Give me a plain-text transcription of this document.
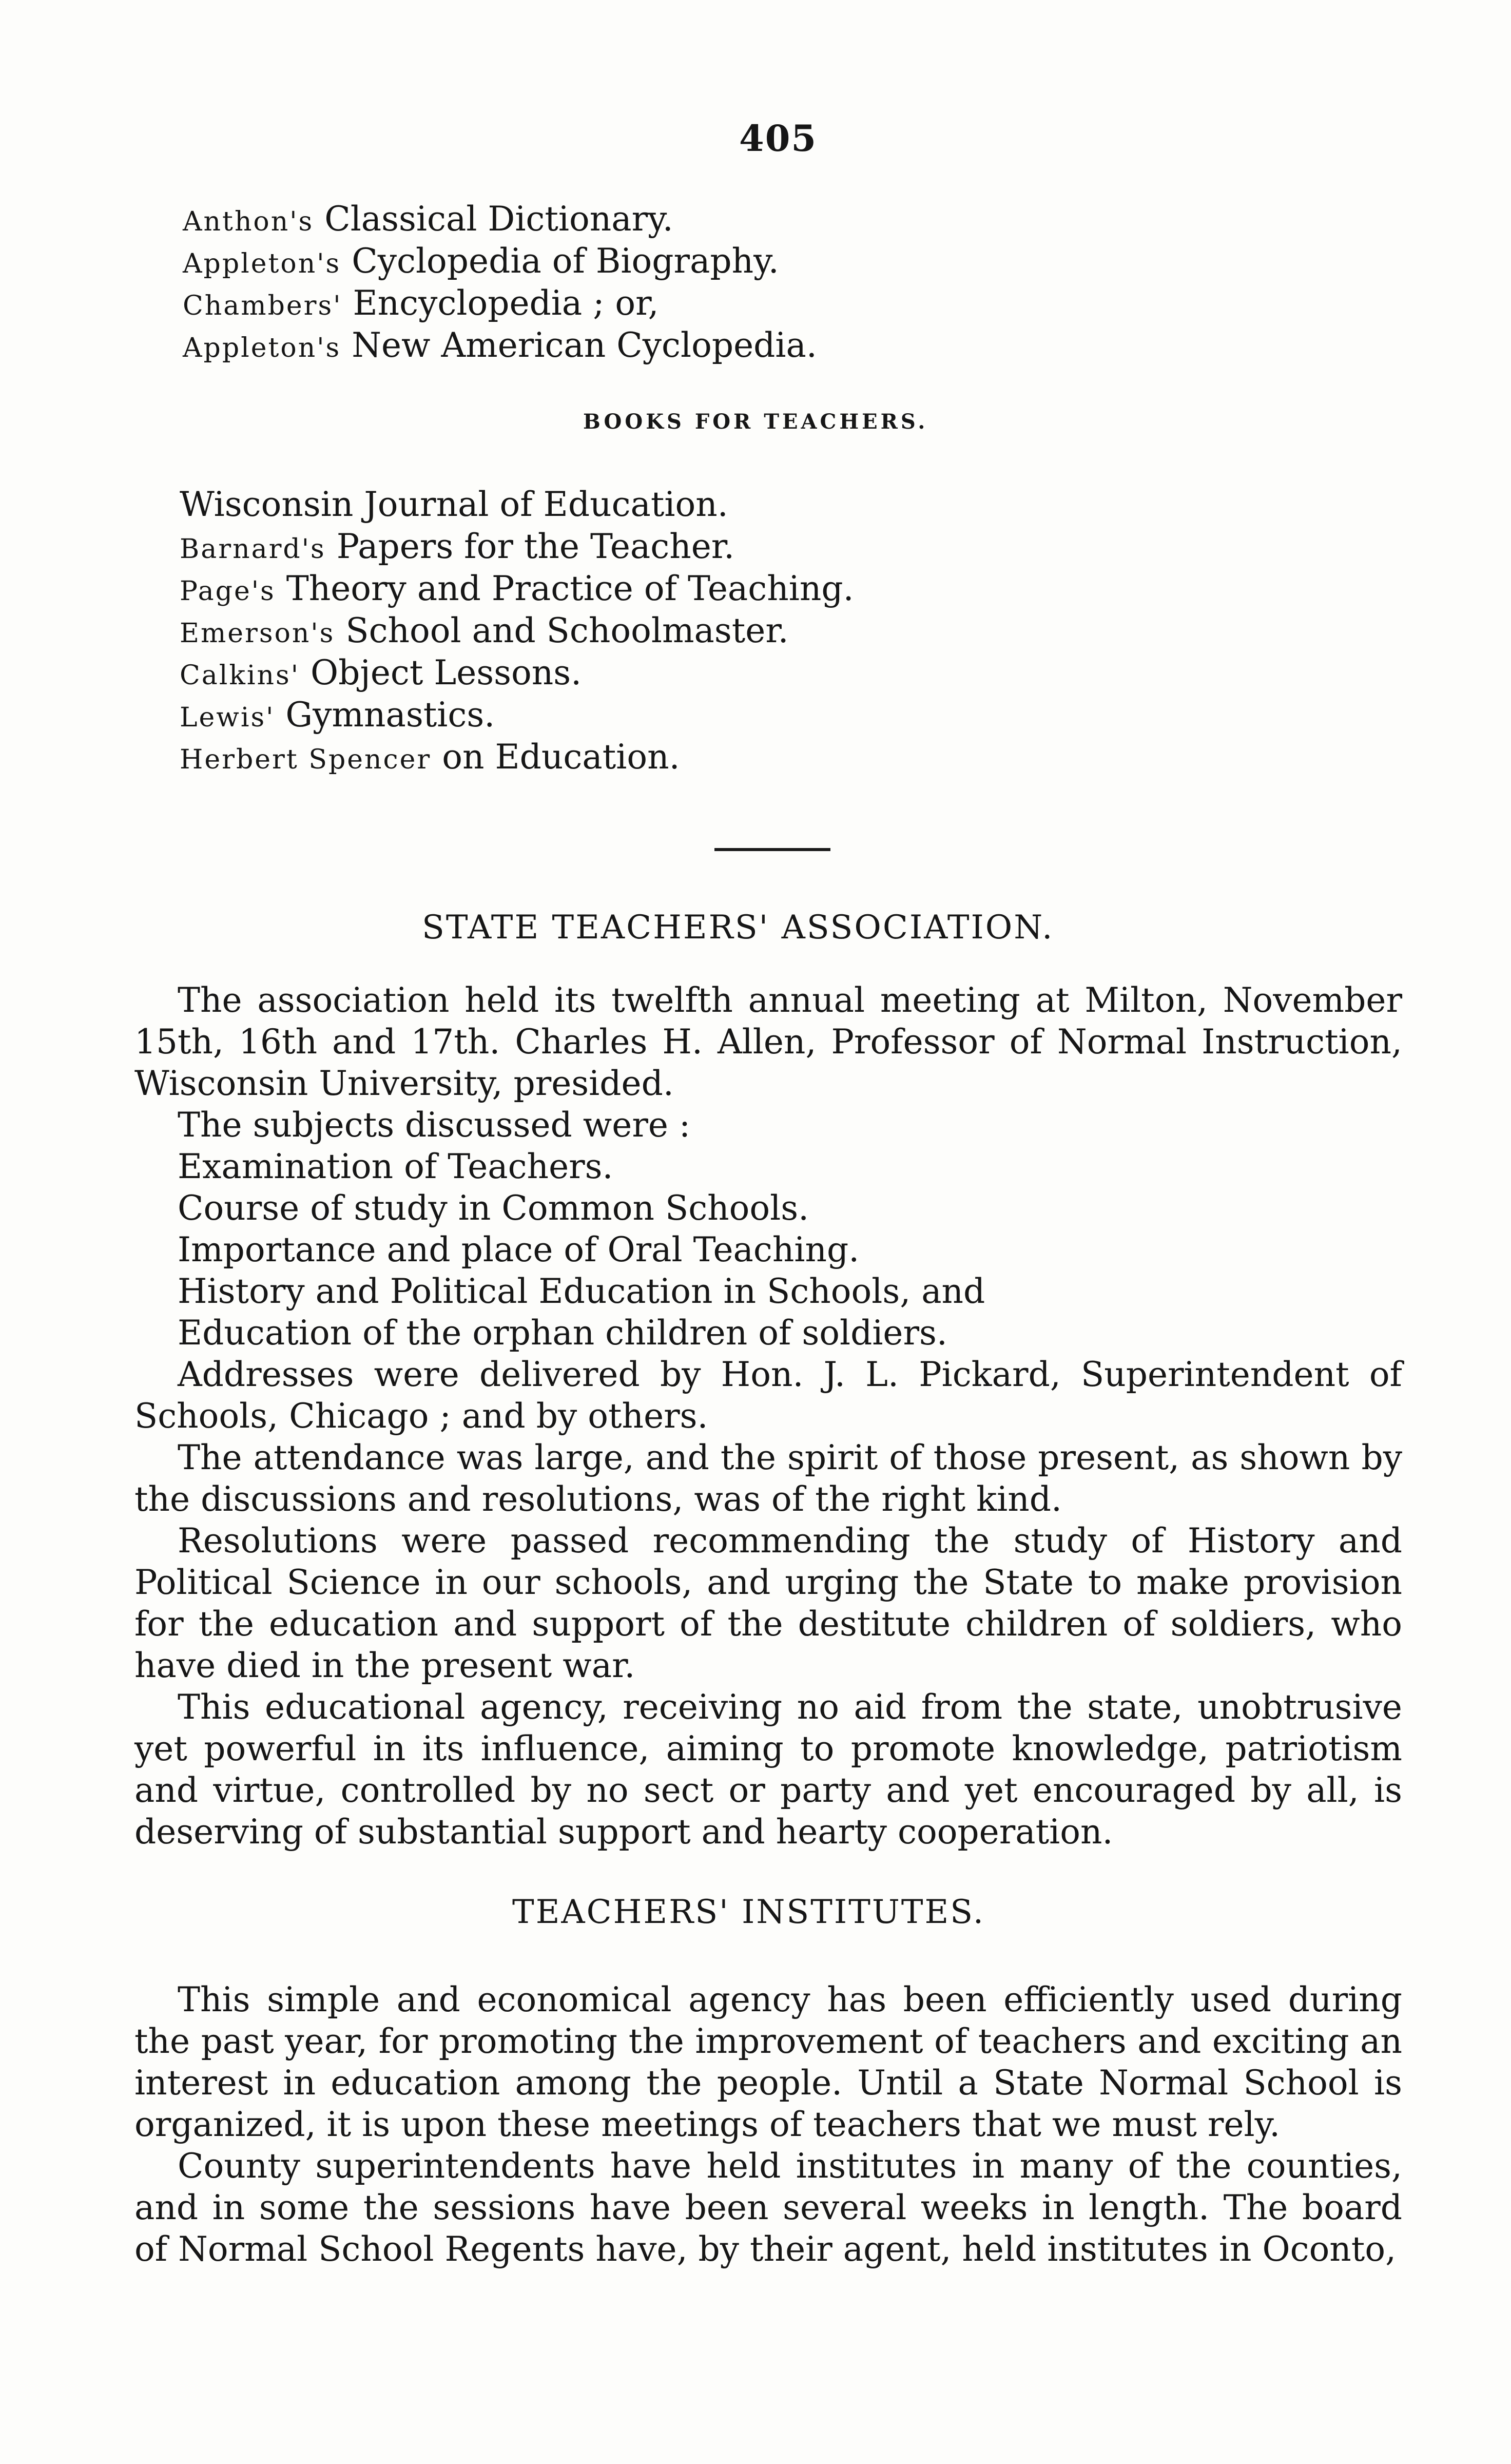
405
Anthon's Classical Dictionary.
Appleton's Cyclopedia of Biography.
Chambers' Encyclopedia ; or,
Appleton's New American Cyclopedia.
BOOKS FOR TEACHERS.
Wisconsin Journal of Education.
Barnard's Papers for the Teacher.
Page's Theory and Practice of Teaching.
Emerson's School and Schoolmaster.
Calkins' Object Lessons.
Lewis' Gymnastics.
Herbert Spencer on Education.
STATE TEACHERS' ASSOCIATION.

The association held its twelfth annual meeting at Milton, November 15th, 16th and 17th. Charles H. Allen, Professor of Normal Instruction, Wisconsin University, presided.

The subjects discussed were :

Examination of Teachers.
Course of study in Common Schools.
Importance and place of Oral Teaching.
History and Political Education in Schools, and
Education of the orphan children of soldiers.

Addresses were delivered by Hon. J. L. Pickard, Superintendent of Schools, Chicago ; and by others.

The attendance was large, and the spirit of those present, as shown by the discussions and resolutions, was of the right kind.

Resolutions were passed recommending the study of History and Political Science in our schools, and urging the State to make provision for the education and support of the destitute children of soldiers, who have died in the present war.

This educational agency, receiving no aid from the state, unobtrusive yet powerful in its influence, aiming to promote knowledge, patriotism and virtue, controlled by no sect or party and yet encouraged by all, is deserving of substantial support and hearty cooperation.

TEACHERS' INSTITUTES.

This simple and economical agency has been efficiently used during the past year, for promoting the improvement of teachers and exciting an interest in education among the people. Until a State Normal School is organized, it is upon these meetings of teachers that we must rely.

County superintendents have held institutes in many of the counties, and in some the sessions have been several weeks in length. The board of Normal School Regents have, by their agent, held institutes in Oconto,
